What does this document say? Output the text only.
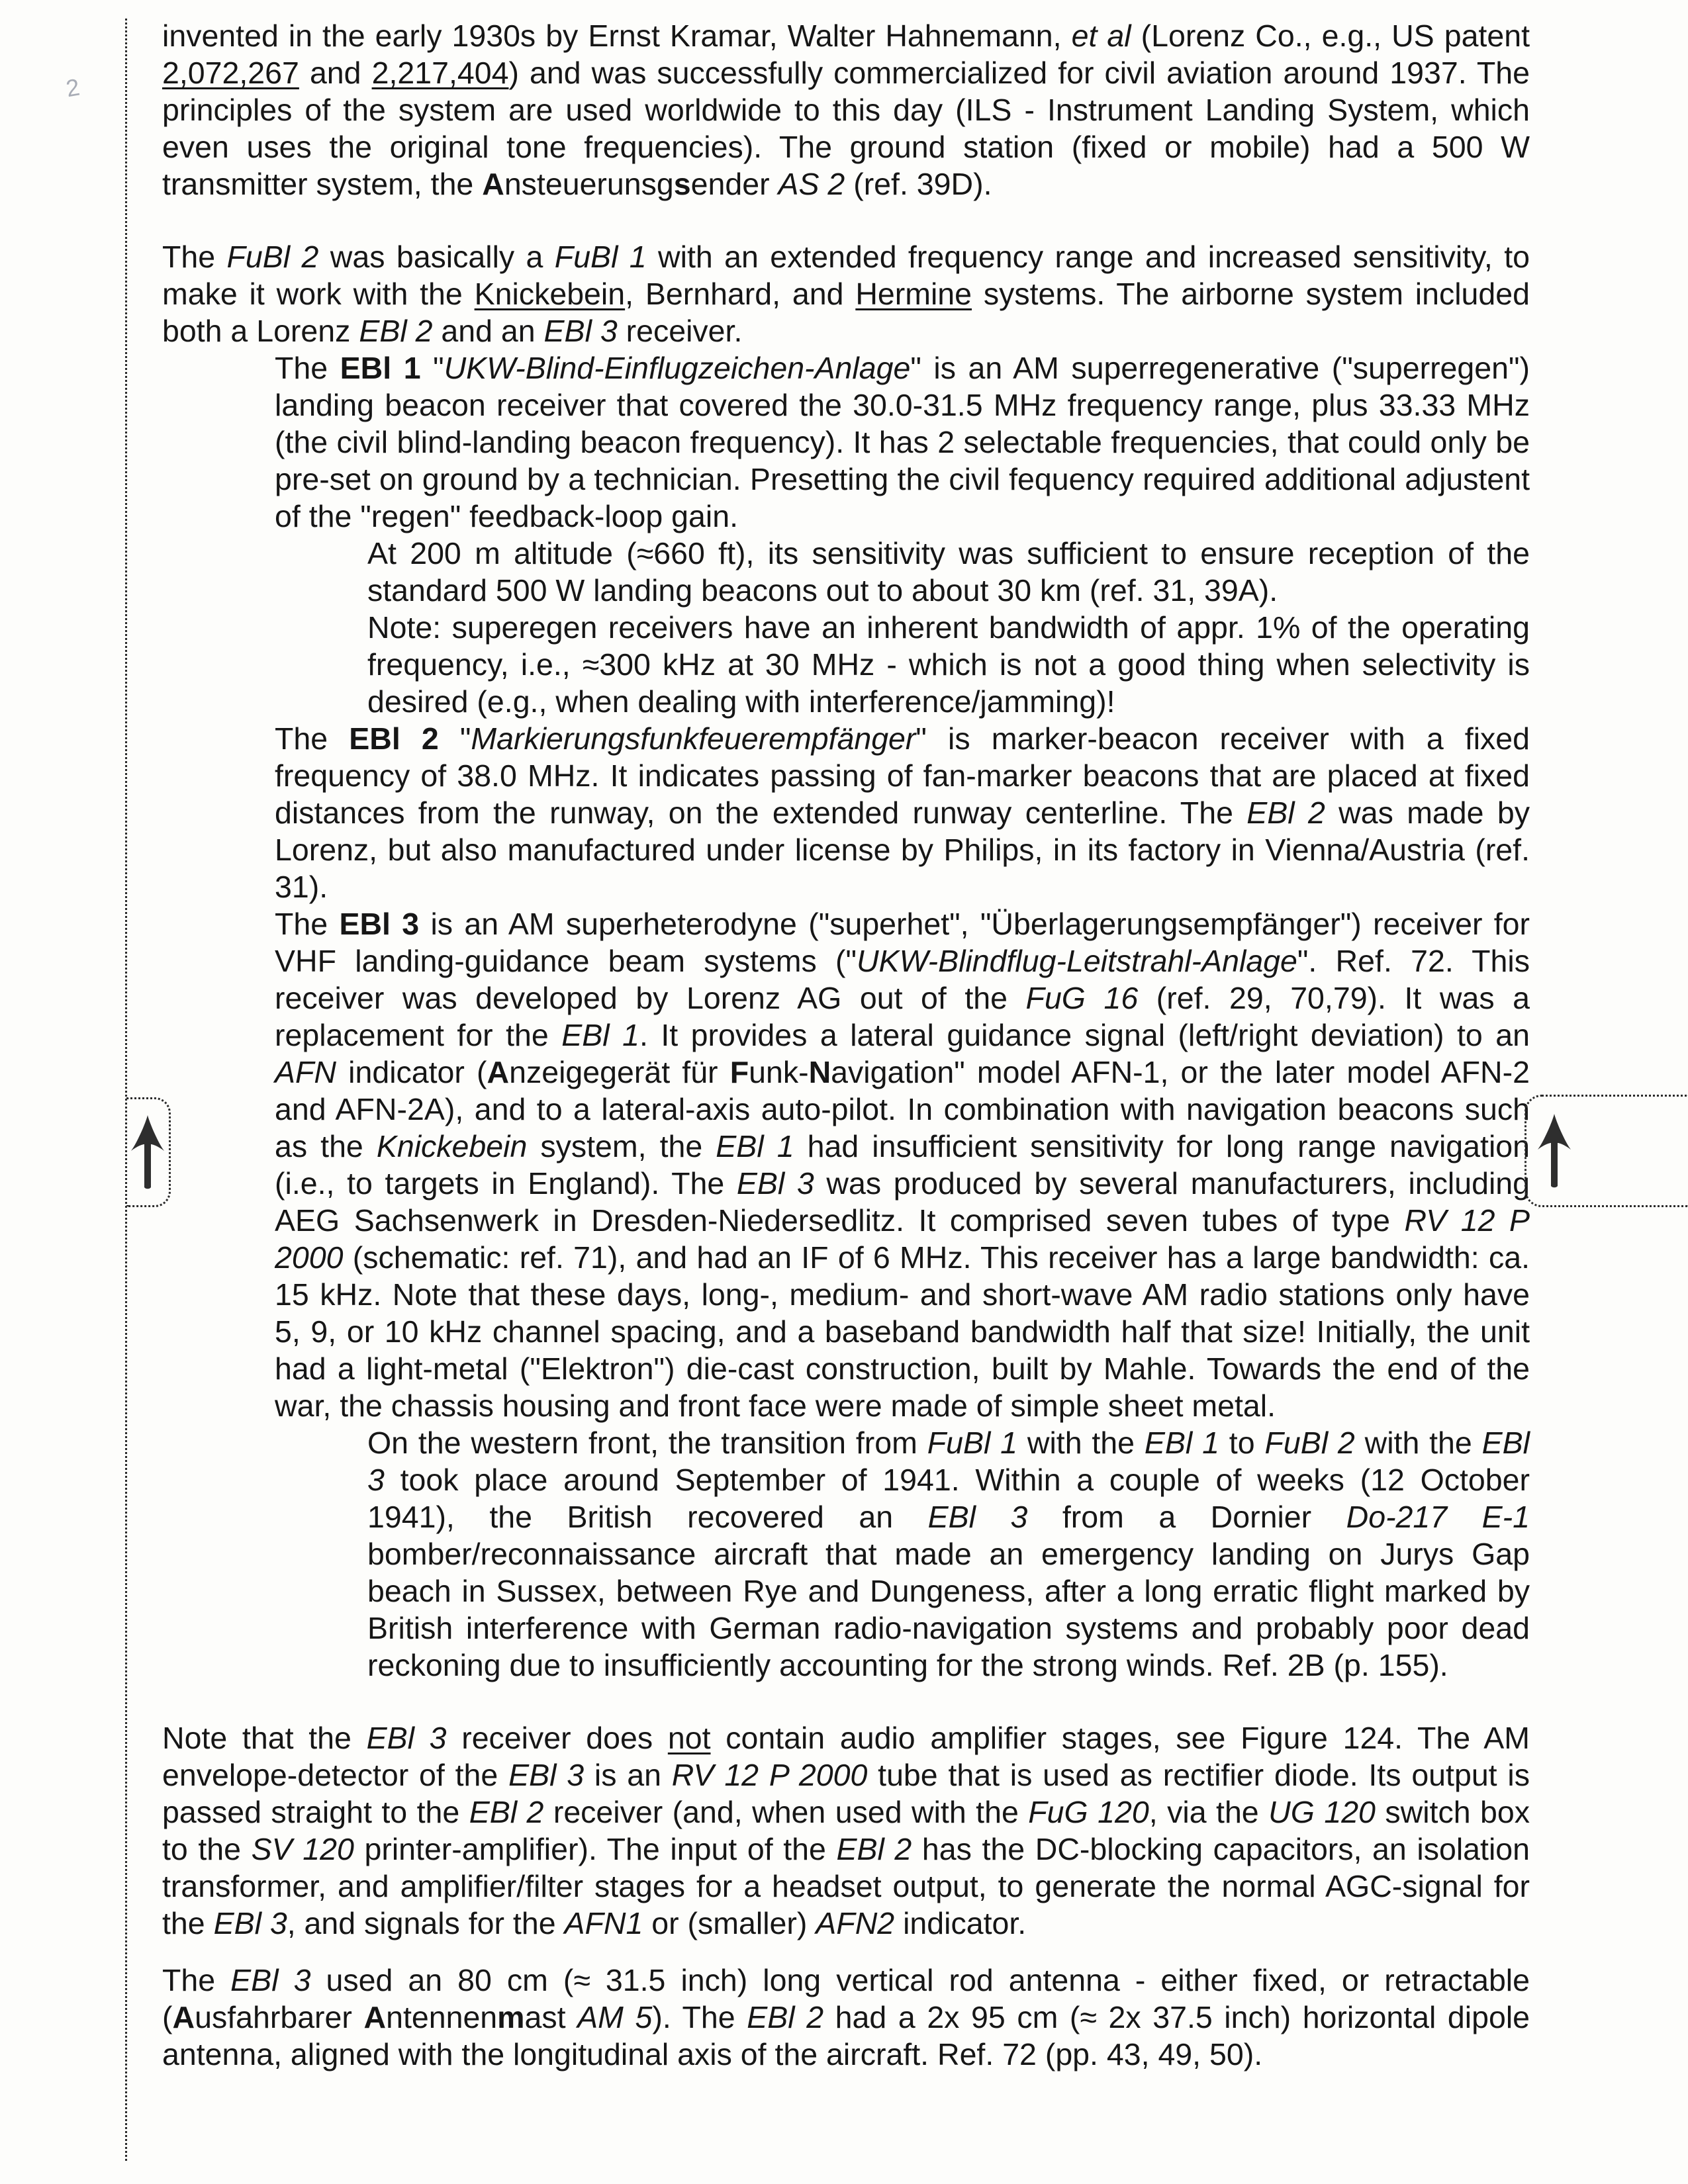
2
invented in the early 1930s by Ernst Kramar, Walter Hahnemann, et al (Lorenz Co., e.g., US patent 2,072,267 and 2,217,404) and was successfully commercialized for civil aviation around 1937. The principles of the system are used worldwide to this day (ILS - Instrument Landing System, which even uses the original tone frequencies). The ground station (fixed or mobile) had a 500 W transmitter system, the Ansteuerunsgsender AS 2 (ref. 39D).
The FuBl 2 was basically a FuBl 1 with an extended frequency range and increased sensitivity, to make it work with the Knickebein, Bernhard, and Hermine systems. The airborne system included both a Lorenz EBl 2 and an EBl 3 receiver.
The EBl 1 "UKW-Blind-Einflugzeichen-Anlage" is an AM superregenerative ("superregen") landing beacon receiver that covered the 30.0-31.5 MHz frequency range, plus 33.33 MHz (the civil blind-landing beacon frequency). It has 2 selectable frequencies, that could only be pre-set on ground by a technician. Presetting the civil fequency required additional adjustent of the "regen" feedback-loop gain.
At 200 m altitude (≈660 ft), its sensitivity was sufficient to ensure reception of the standard 500 W landing beacons out to about 30 km (ref. 31, 39A).
Note: superegen receivers have an inherent bandwidth of appr. 1% of the operating frequency, i.e., ≈300 kHz at 30 MHz - which is not a good thing when selectivity is desired (e.g., when dealing with interference/jamming)!
The EBl 2 "Markierungsfunkfeuerempfänger" is marker-beacon receiver with a fixed frequency of 38.0 MHz. It indicates passing of fan-marker beacons that are placed at fixed distances from the runway, on the extended runway centerline. The EBl 2 was made by Lorenz, but also manufactured under license by Philips, in its factory in Vienna/Austria (ref. 31).
The EBl 3 is an AM superheterodyne ("superhet", "Überlagerungsempfänger") receiver for VHF landing-guidance beam systems ("UKW-Blindflug-Leitstrahl-Anlage". Ref. 72. This receiver was developed by Lorenz AG out of the FuG 16 (ref. 29, 70,79). It was a replacement for the EBl 1. It provides a lateral guidance signal (left/right deviation) to an AFN indicator (Anzeigegerät für Funk-Navigation" model AFN-1, or the later model AFN-2 and AFN-2A), and to a lateral-axis auto-pilot. In combination with navigation beacons such as the Knickebein system, the EBl 1 had insufficient sensitivity for long range navigation (i.e., to targets in England). The EBl 3 was produced by several manufacturers, including AEG Sachsenwerk in Dresden-Niedersedlitz. It comprised seven tubes of type RV 12 P 2000 (schematic: ref. 71), and had an IF of 6 MHz. This receiver has a large bandwidth: ca. 15 kHz. Note that these days, long-, medium- and short-wave AM radio stations only have 5, 9, or 10 kHz channel spacing, and a baseband bandwidth half that size! Initially, the unit had a light-metal ("Elektron") die-cast construction, built by Mahle. Towards the end of the war, the chassis housing and front face were made of simple sheet metal.
On the western front, the transition from FuBl 1 with the EBl 1 to FuBl 2 with the EBl 3 took place around September of 1941. Within a couple of weeks (12 October 1941), the British recovered an EBl 3 from a Dornier Do-217 E-1 bomber/reconnaissance aircraft that made an emergency landing on Jurys Gap beach in Sussex, between Rye and Dungeness, after a long erratic flight marked by British interference with German radio-navigation systems and probably poor dead reckoning due to insufficiently accounting for the strong winds. Ref. 2B (p. 155).
Note that the EBl 3 receiver does not contain audio amplifier stages, see Figure 124. The AM envelope-detector of the EBl 3 is an RV 12 P 2000 tube that is used as rectifier diode. Its output is passed straight to the EBl 2 receiver (and, when used with the FuG 120, via the UG 120 switch box to the SV 120 printer-amplifier). The input of the EBl 2 has the DC-blocking capacitors, an isolation transformer, and amplifier/filter stages for a headset output, to generate the normal AGC-signal for the EBl 3, and signals for the AFN1 or (smaller) AFN2 indicator.
The EBl 3 used an 80 cm (≈ 31.5 inch) long vertical rod antenna - either fixed, or retractable (Ausfahrbarer Antennenmast AM 5). The EBl 2 had a 2x 95 cm (≈ 2x 37.5 inch) horizontal dipole antenna, aligned with the longitudinal axis of the aircraft. Ref. 72 (pp. 43, 49, 50).
